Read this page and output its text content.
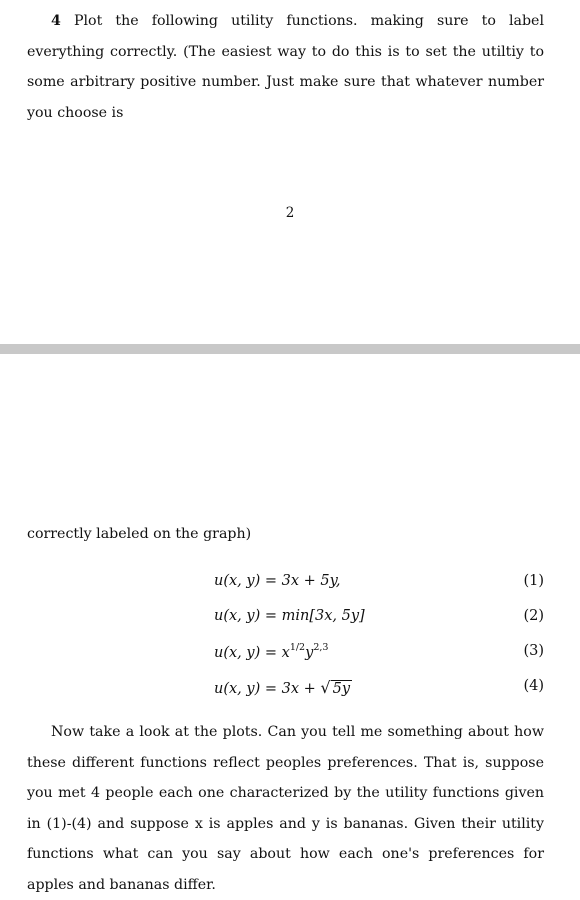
4 Plot the following utility functions. making sure to label everything correctly. (The easiest way to do this is to set the utiltiy to some arbitrary positive number. Just make sure that whatever number you choose is

2
correctly labeled on the graph)
u(x, y) = 3x + 5y,	(1)
u(x, y) = min[3x, 5y]	(2)
u(x, $y) = x^{1/2}y^{2,3}$	(3)
u(x, y) = 3x + √ 5y	(4)

Now take a look at the plots. Can you tell me something about how these different functions reflect peoples preferences. That is, suppose you met 4 people each one characterized by the utility functions given in (1)-(4) and suppose x is apples and y is bananas. Given their utility functions what can you say about how each one's preferences for apples and bananas differ.
